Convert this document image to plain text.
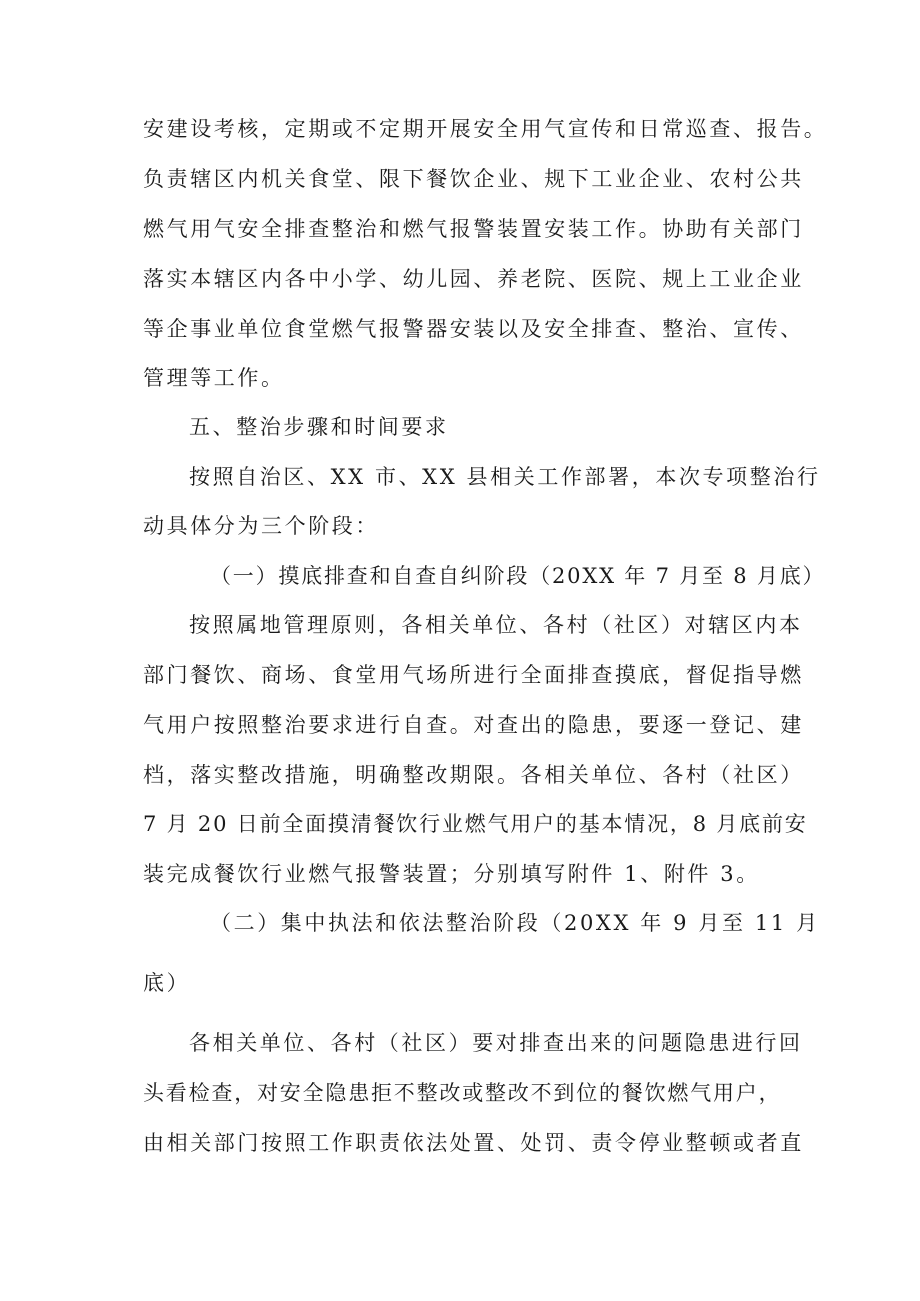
安建设考核，定期或不定期开展安全用气宣传和日常巡查、报告。
负责辖区内机关食堂、限下餐饮企业、规下工业企业、农村公共
燃气用气安全排查整治和燃气报警装置安装工作。协助有关部门
落实本辖区内各中小学、幼儿园、养老院、医院、规上工业企业
等企事业单位食堂燃气报警器安装以及安全排查、整治、宣传、
管理等工作。
五、整治步骤和时间要求
按照自治区、XX 市、XX 县相关工作部署，本次专项整治行
动具体分为三个阶段：
（一）摸底排查和自查自纠阶段（20XX 年 7 月至 8 月底）
按照属地管理原则，各相关单位、各村（社区）对辖区内本
部门餐饮、商场、食堂用气场所进行全面排查摸底，督促指导燃
气用户按照整治要求进行自查。对查出的隐患，要逐一登记、建
档，落实整改措施，明确整改期限。各相关单位、各村（社区）
7 月 20 日前全面摸清餐饮行业燃气用户的基本情况，8 月底前安
装完成餐饮行业燃气报警装置；分别填写附件 1、附件 3。
（二）集中执法和依法整治阶段（20XX 年 9 月至 11 月
底）
各相关单位、各村（社区）要对排查出来的问题隐患进行回
头看检查，对安全隐患拒不整改或整改不到位的餐饮燃气用户，
由相关部门按照工作职责依法处置、处罚、责令停业整顿或者直
